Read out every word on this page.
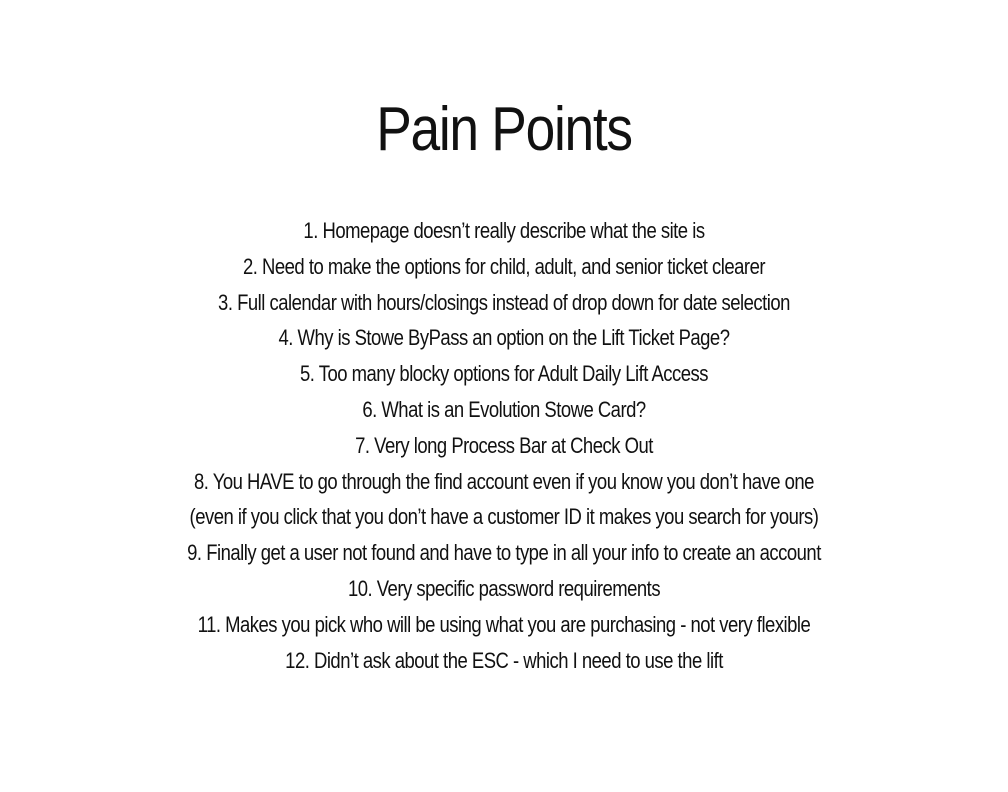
Pain Points
1. Homepage doesn’t really describe what the site is
2. Need to make the options for child, adult, and senior ticket clearer
3. Full calendar with hours/closings instead of drop down for date selection
4. Why is Stowe ByPass an option on the Lift Ticket Page?
5. Too many blocky options for Adult Daily Lift Access
6. What is an Evolution Stowe Card?
7. Very long Process Bar at Check Out
8. You HAVE to go through the find account even if you know you don’t have one
(even if you click that you don’t have a customer ID it makes you search for yours)
9. Finally get a user not found and have to type in all your info to create an account
10. Very specific password requirements
11. Makes you pick who will be using what you are purchasing - not very flexible
12. Didn’t ask about the ESC - which I need to use the lift
